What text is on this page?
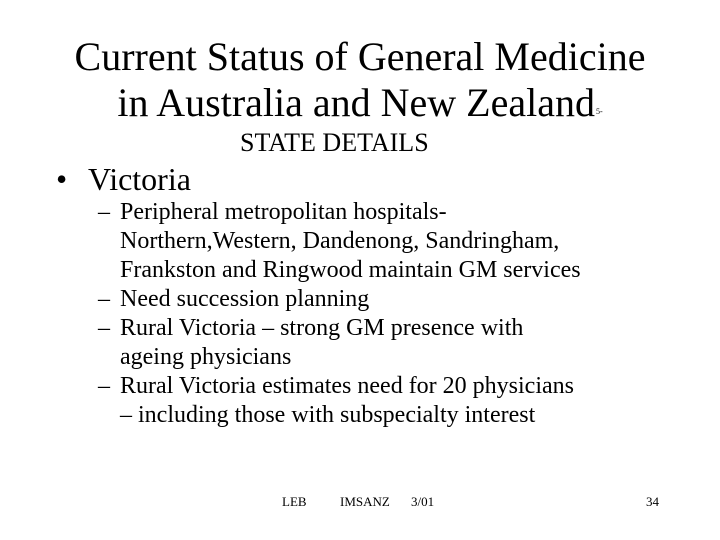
Current Status of General Medicine
in Australia and New Zealand5-
STATE DETAILS
• Victoria
– Peripheral metropolitan hospitals-
Northern,Western, Dandenong, Sandringham,
Frankston and Ringwood maintain GM services
– Need succession planning
– Rural Victoria – strong GM presence with
ageing physicians
– Rural Victoria estimates need for 20 physicians
– including those with subspecialty interest
LEB	IMSANZ 3/01	34
